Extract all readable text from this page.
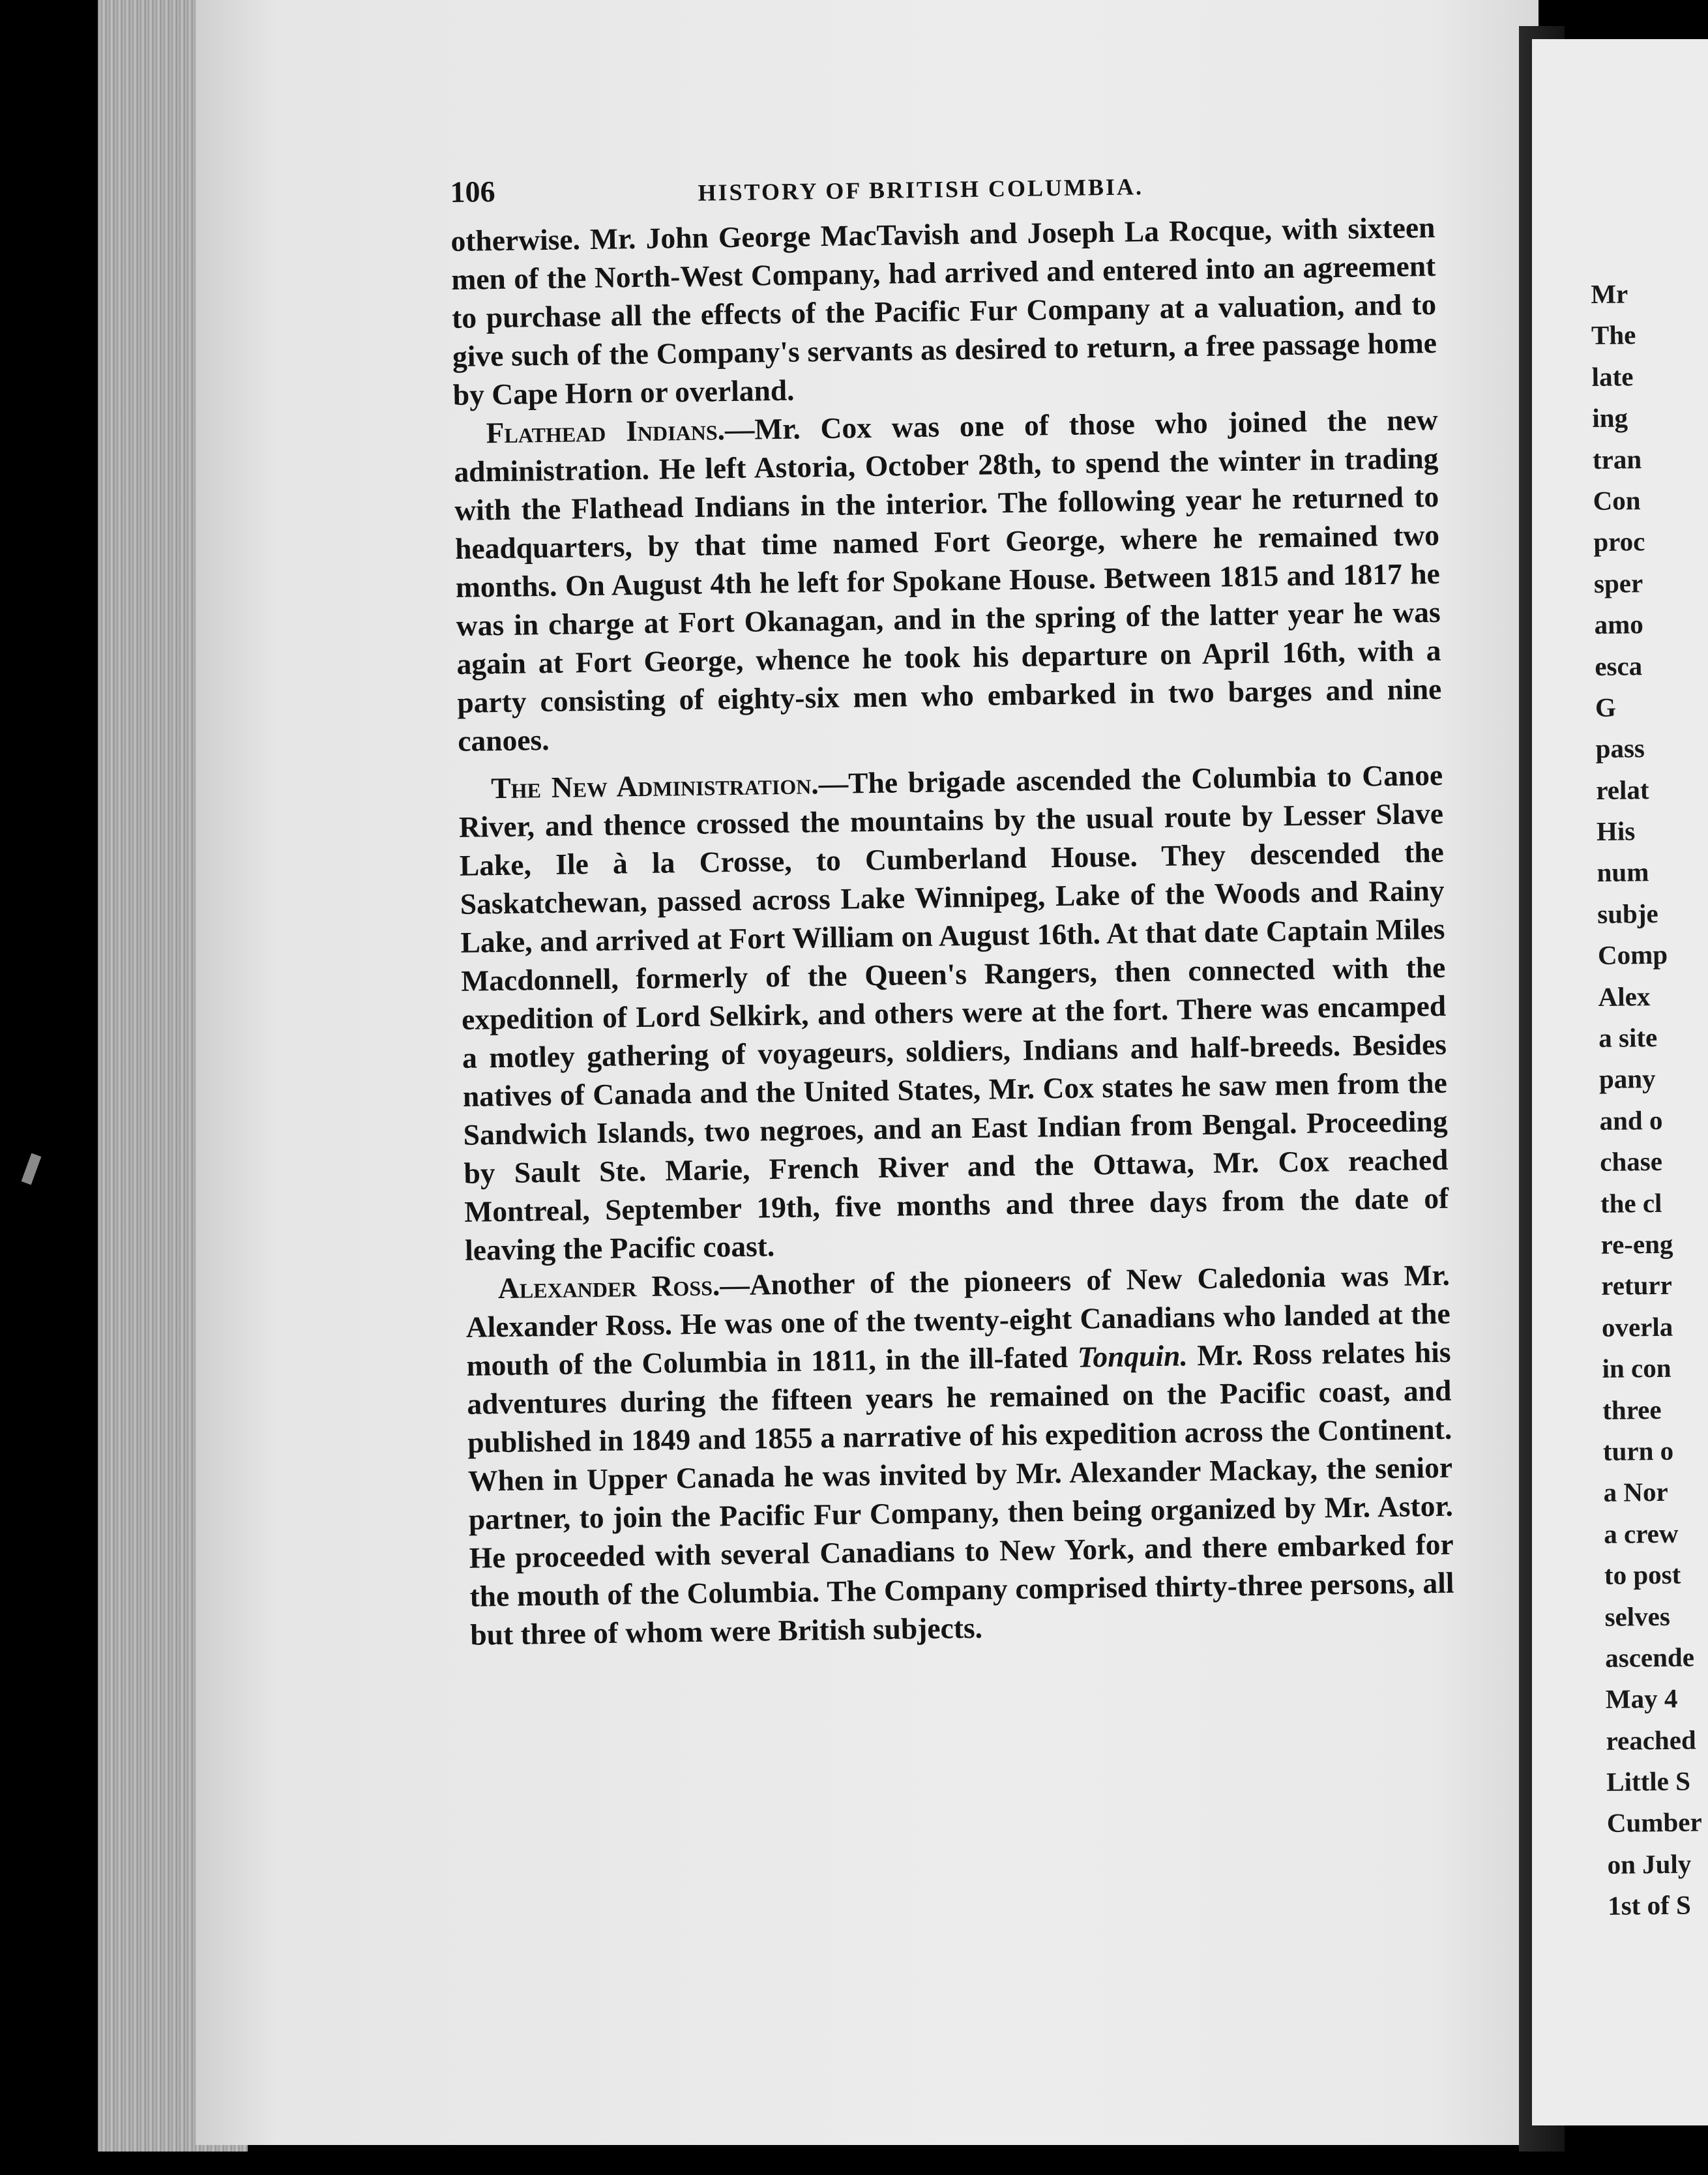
106	HISTORY OF BRITISH COLUMBIA.

otherwise. Mr. John George MacTavish and Joseph La Rocque, with sixteen men of the North-West Company, had arrived and entered into an agreement to purchase all the effects of the Pacific Fur Company at a valuation, and to give such of the Company's servants as desired to return, a free passage home by Cape Horn or overland.

Flathead Indians.—Mr. Cox was one of those who joined the new administration. He left Astoria, October 28th, to spend the winter in trading with the Flathead Indians in the interior. The following year he returned to headquarters, by that time named Fort George, where he remained two months. On August 4th he left for Spokane House. Between 1815 and 1817 he was in charge at Fort Okanagan, and in the spring of the latter year he was again at Fort George, whence he took his departure on April 16th, with a party consisting of eighty-six men who embarked in two barges and nine canoes.

The New Administration.—The brigade ascended the Columbia to Canoe River, and thence crossed the mountains by the usual route by Lesser Slave Lake, Ile à la Crosse, to Cumberland House. They descended the Saskatchewan, passed across Lake Winnipeg, Lake of the Woods and Rainy Lake, and arrived at Fort William on August 16th. At that date Captain Miles Macdonnell, formerly of the Queen's Rangers, then connected with the expedition of Lord Selkirk, and others were at the fort. There was encamped a motley gathering of voyageurs, soldiers, Indians and half-breeds. Besides natives of Canada and the United States, Mr. Cox states he saw men from the Sandwich Islands, two negroes, and an East Indian from Bengal. Proceeding by Sault Ste. Marie, French River and the Ottawa, Mr. Cox reached Montreal, September 19th, five months and three days from the date of leaving the Pacific coast.

Alexander Ross.—Another of the pioneers of New Caledonia was Mr. Alexander Ross. He was one of the twenty-eight Canadians who landed at the mouth of the Columbia in 1811, in the ill-fated Tonquin. Mr. Ross relates his adventures during the fifteen years he remained on the Pacific coast, and published in 1849 and 1855 a narrative of his expedition across the Continent. When in Upper Canada he was invited by Mr. Alexander Mackay, the senior partner, to join the Pacific Fur Company, then being organized by Mr. Astor. He proceeded with several Canadians to New York, and there embarked for the mouth of the Columbia. The Company comprised thirty-three persons, all but three of whom were British subjects.

Mr
The
late
ing
tran
Con
proc
sper
amo
esca
G
pass
relat
His
num
subje
Comp
Alex
a site
pany
and o
chase
the cl
re-eng
returr
overla
in con
three
turn o
a Nor
a crew
to post
selves
ascende
May 4
reached
Little S
Cumber
on July
1st of S
